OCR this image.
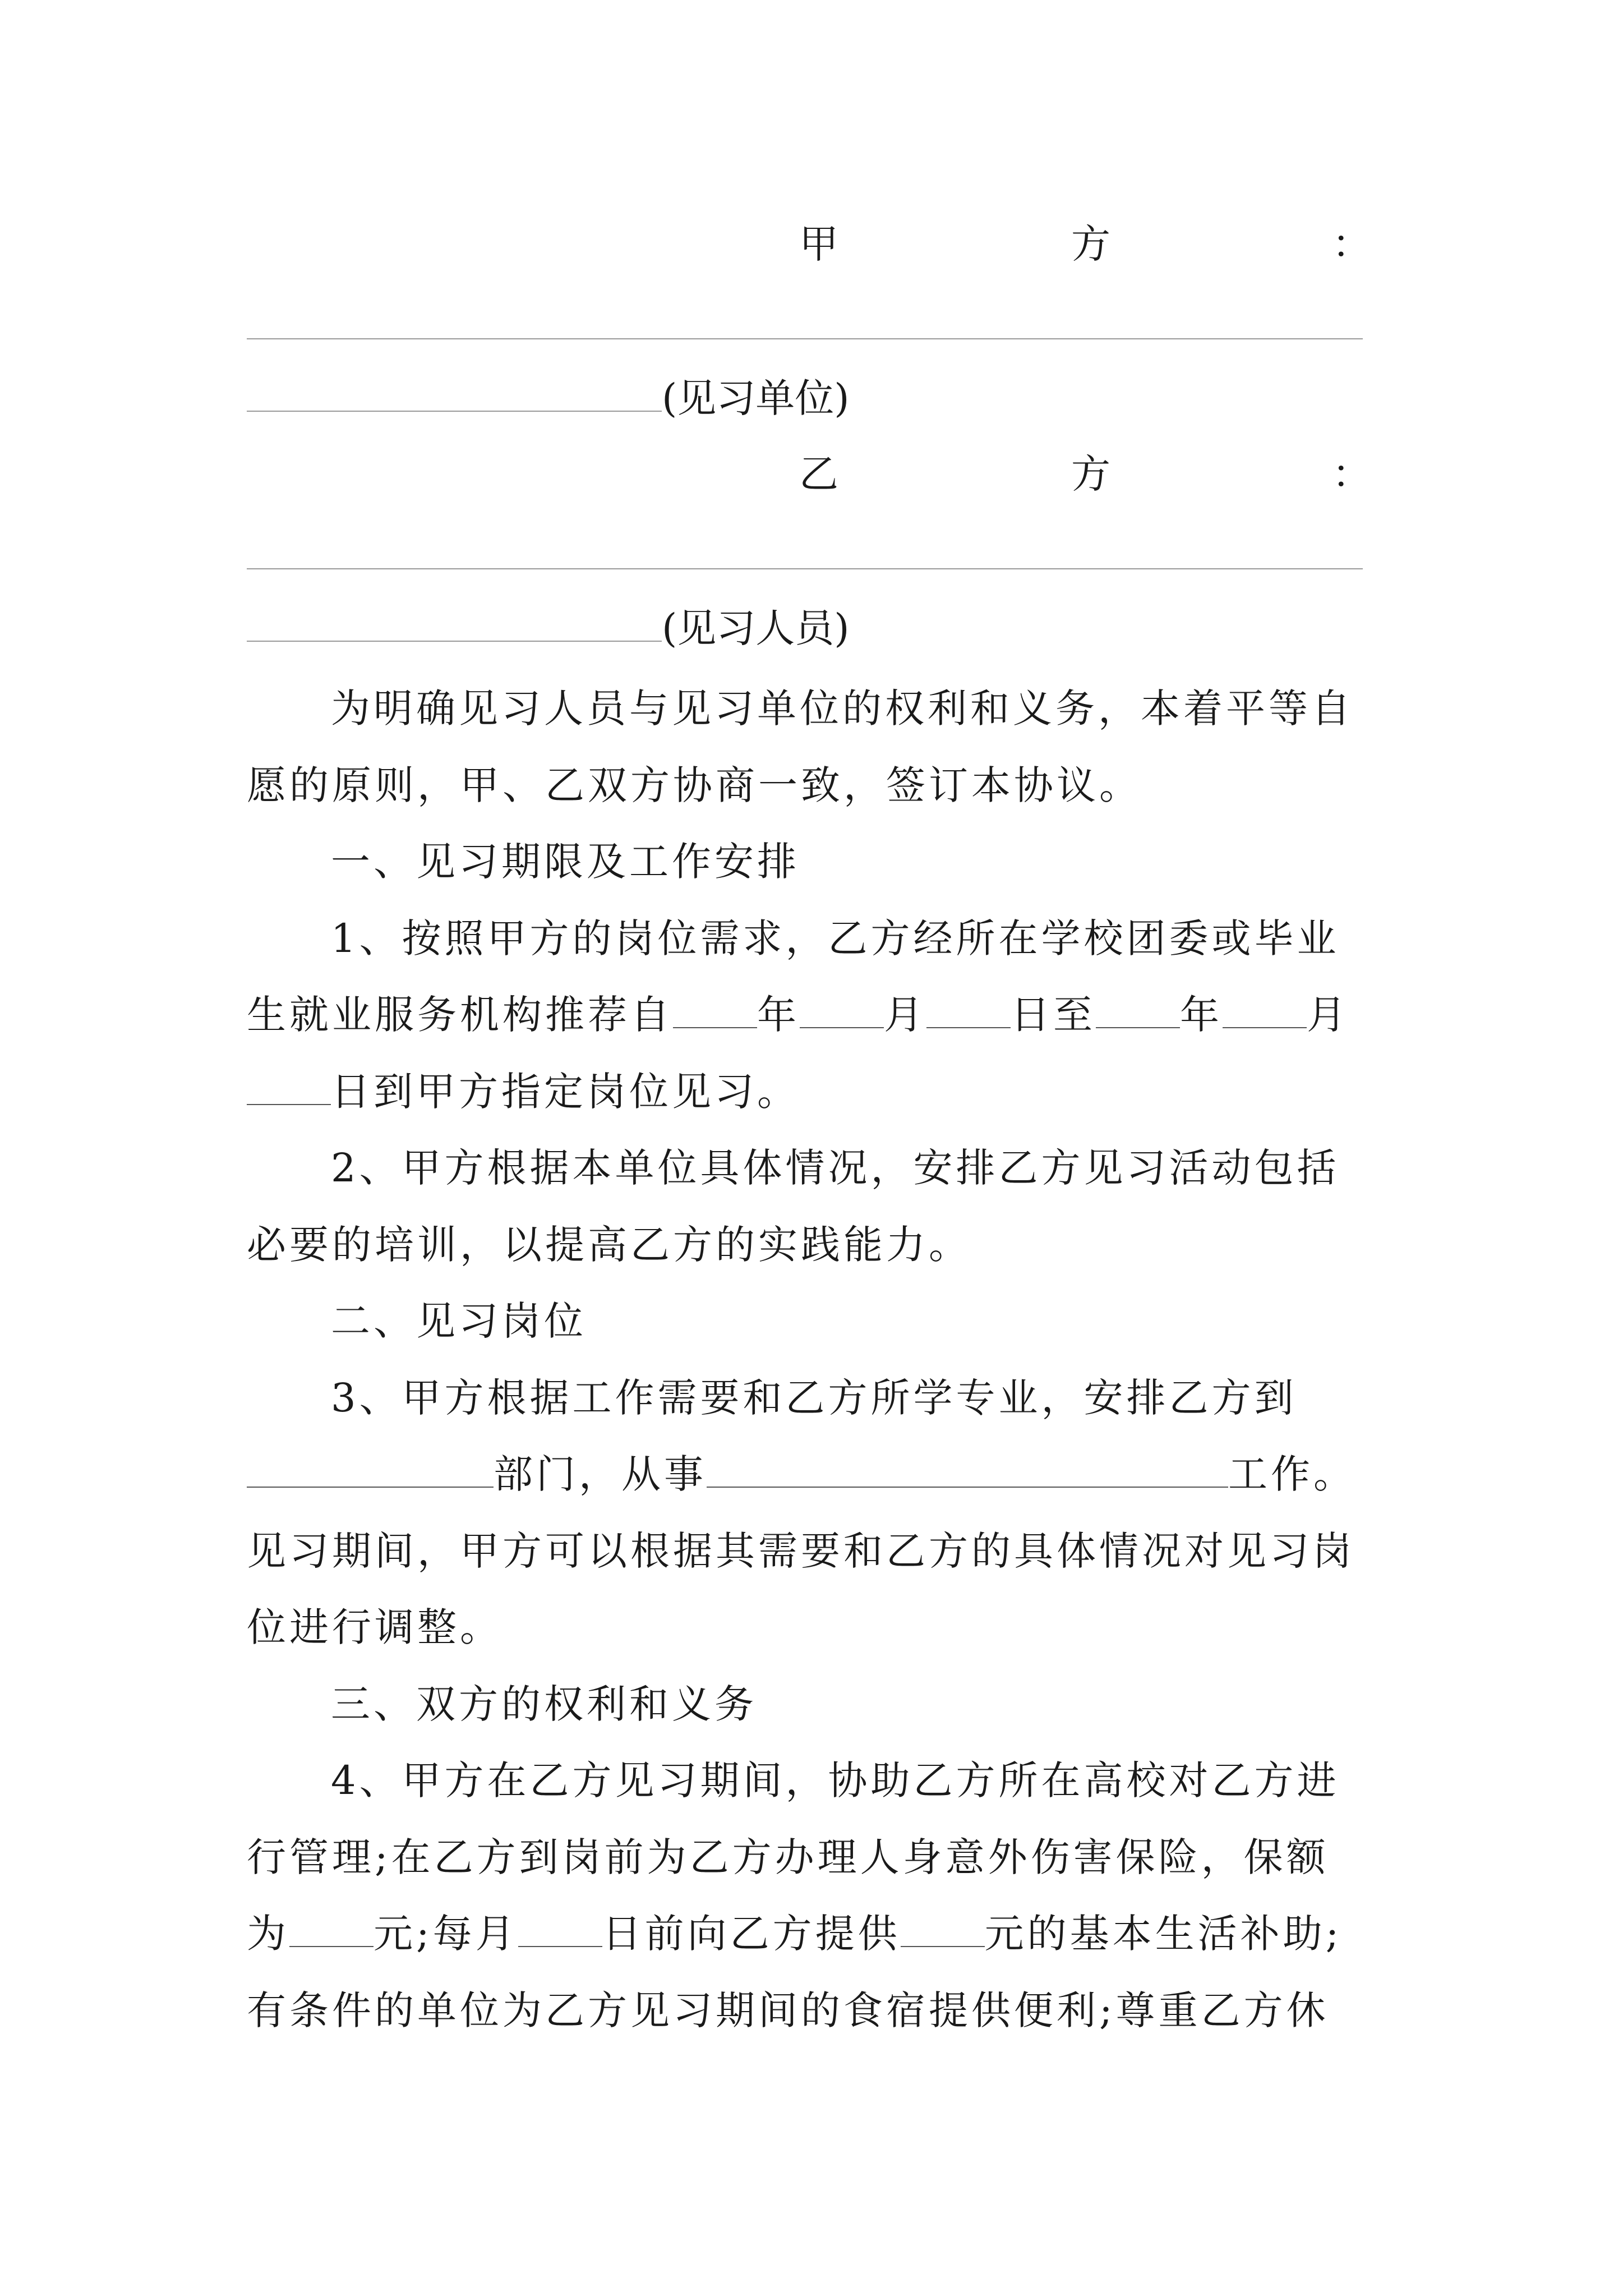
甲	方	：
(见习单位)
乙	方	：
(见习人员)
为明确见习人员与见习单位的权利和义务，本着平等自
愿的原则，甲、乙双方协商一致，签订本协议。
一、见习期限及工作安排
1、按照甲方的岗位需求，乙方经所在学校团委或毕业
生就业服务机构推荐自 年 月 日至 年 月
日到甲方指定岗位见习。
2、甲方根据本单位具体情况，安排乙方见习活动包括
必要的培训，以提高乙方的实践能力。
二、见习岗位
3、甲方根据工作需要和乙方所学专业，安排乙方到
部门，从事	工作。
见习期间，甲方可以根据其需要和乙方的具体情况对见习岗
位进行调整。
三、双方的权利和义务
4、甲方在乙方见习期间，协助乙方所在高校对乙方进
行管理;在乙方到岗前为乙方办理人身意外伤害保险，保额
为 元;每月 日前向乙方提供 元的基本生活补助;
有条件的单位为乙方见习期间的食宿提供便利;尊重乙方休
